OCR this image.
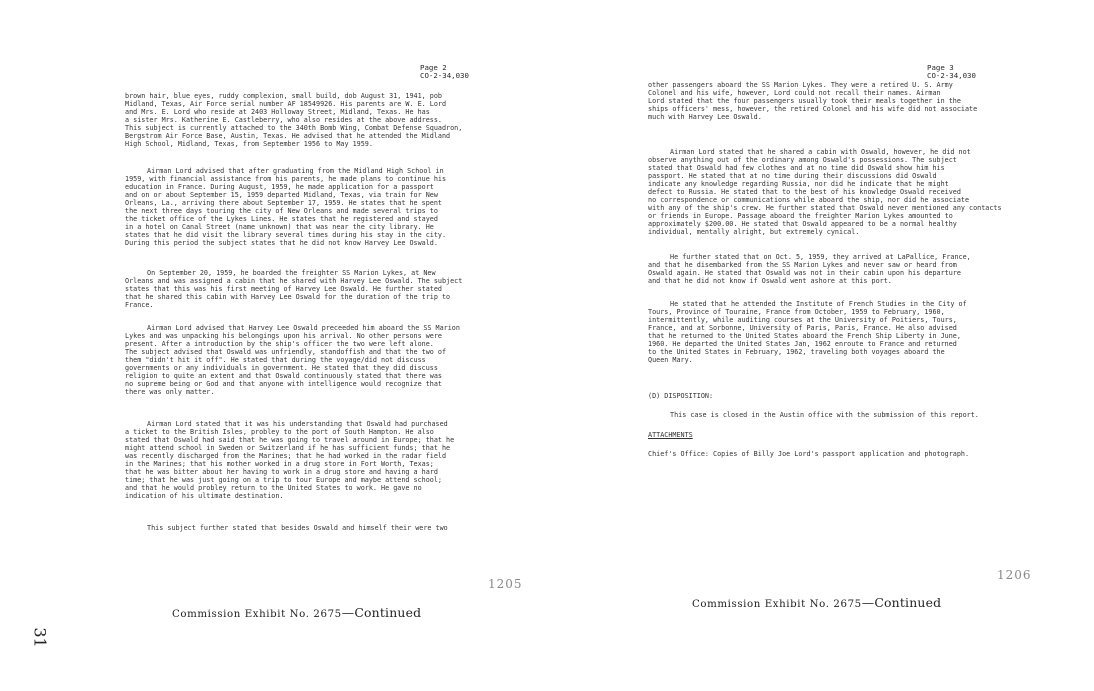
Page 2
CO-2-34,030
brown hair, blue eyes, ruddy complexion, small build, dob August 31, 1941, pob
Midland, Texas, Air Force serial number AF 18549926. His parents are W. E. Lord
and Mrs. E. Lord who reside at 2403 Holloway Street, Midland, Texas. He has
a sister Mrs. Katherine E. Castleberry, who also resides at the above address.
This subject is currently attached to the 340th Bomb Wing, Combat Defense Squadron,
Bergstrom Air Force Base, Austin, Texas. He advised that he attended the Midland
High School, Midland, Texas, from September 1956 to May 1959.
Airman Lord advised that after graduating from the Midland High School in
1959, with financial assistance from his parents, he made plans to continue his
education in France. During August, 1959, he made application for a passport
and on or about September 15, 1959 departed Midland, Texas, via train for New
Orleans, La., arriving there about September 17, 1959. He states that he spent
the next three days touring the city of New Orleans and made several trips to
the ticket office of the Lykes Lines. He states that he registered and stayed
in a hotel on Canal Street (name unknown) that was near the city library. He
states that he did visit the library several times during his stay in the city.
During this period the subject states that he did not know Harvey Lee Oswald.
On September 20, 1959, he boarded the freighter SS Marion Lykes, at New
Orleans and was assigned a cabin that he shared with Harvey Lee Oswald. The subject
states that this was his first meeting of Harvey Lee Oswald. He further stated
that he shared this cabin with Harvey Lee Oswald for the duration of the trip to
France.
Airman Lord advised that Harvey Lee Oswald preceeded him aboard the SS Marion
Lykes and was unpacking his belongings upon his arrival. No other persons were
present. After a introduction by the ship's officer the two were left alone.
The subject advised that Oswald was unfriendly, standoffish and that the two of
them "didn't hit it off". He stated that during the voyage/did not discuss
governments or any individuals in government. He stated that they did discuss
religion to quite an extent and that Oswald continuously stated that there was
no supreme being or God and that anyone with intelligence would recognize that
there was only matter.
Airman Lord stated that it was his understanding that Oswald had purchased
a ticket to the British Isles, probley to the port of South Hampton. He also
stated that Oswald had said that he was going to travel around in Europe; that he
might attend school in Sweden or Switzerland if he has sufficient funds; that he
was recently discharged from the Marines; that he had worked in the radar field
in the Marines; that his mother worked in a drug store in Fort Worth, Texas;
that he was bitter about her having to work in a drug store and having a hard
time; that he was just going on a trip to tour Europe and maybe attend school;
and that he would probley return to the United States to work. He gave no
indication of his ultimate destination.
This subject further stated that besides Oswald and himself their were two
1205
Commission Exhibit No. 2675—Continued
31
Page 3
CO-2-34,030
other passengers aboard the SS Marion Lykes. They were a retired U. S. Army
Colonel and his wife, however, Lord could not recall their names. Airman
Lord stated that the four passengers usually took their meals together in the
ships officers' mess, however, the retired Colonel and his wife did not associate
much with Harvey Lee Oswald.
Airman Lord stated that he shared a cabin with Oswald, however, he did not
observe anything out of the ordinary among Oswald's possessions. The subject
stated that Oswald had few clothes and at no time did Oswald show him his
passport. He stated that at no time during their discussions did Oswald
indicate any knowledge regarding Russia, nor did he indicate that he might
defect to Russia. He stated that to the best of his knowledge Oswald received
no correspondence or communications while aboard the ship, nor did he associate
with any of the ship's crew. He further stated that Oswald never mentioned any contacts
or friends in Europe. Passage aboard the freighter Marion Lykes amounted to
approximately $200.00. He stated that Oswald appeared to be a normal healthy
individual, mentally alright, but extremely cynical.
He further stated that on Oct. 5, 1959, they arrived at LaPallice, France,
and that he disembarked from the SS Marion Lykes and never saw or heard from
Oswald again. He stated that Oswald was not in their cabin upon his departure
and that he did not know if Oswald went ashore at this port.
He stated that he attended the Institute of French Studies in the City of
Tours, Province of Touraine, France from October, 1959 to February, 1960,
intermittently, while auditing courses at the University of Poitiers, Tours,
France, and at Sorbonne, University of Paris, Paris, France. He also advised
that he returned to the United States aboard the French Ship Liberty in June,
1960. He departed the United States Jan, 1962 enroute to France and returned
to the United States in February, 1962, traveling both voyages aboard the
Queen Mary.
(D) DISPOSITION:
This case is closed in the Austin office with the submission of this report.
ATTACHMENTS
Chief's Office: Copies of Billy Joe Lord's passport application and photograph.
1206
Commission Exhibit No. 2675—Continued
